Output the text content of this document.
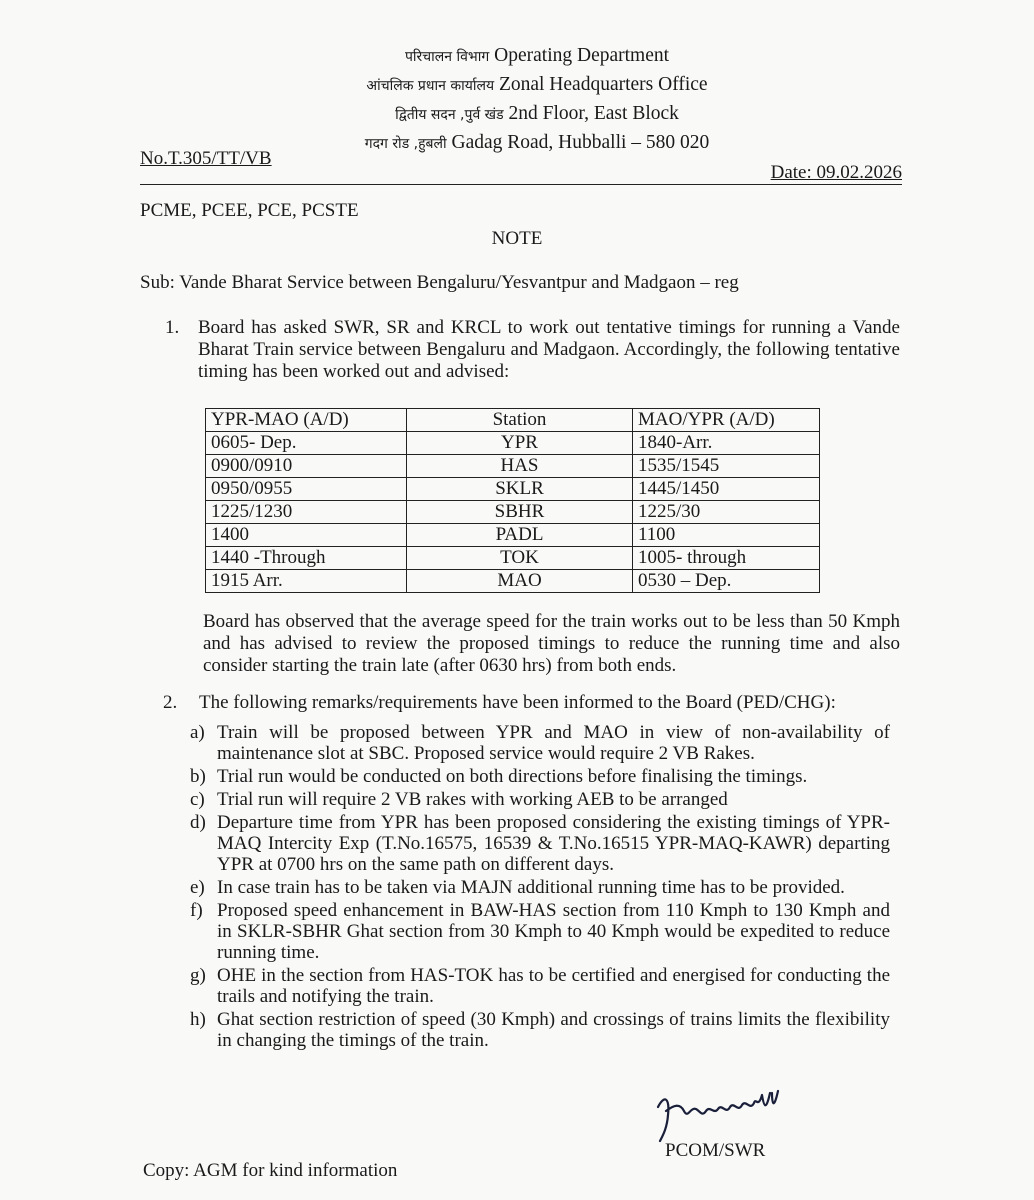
परिचालन विभाग Operating Department
आंचलिक प्रधान कार्यालय Zonal Headquarters Office
द्वितीय सदन ,पुर्व खंड 2nd Floor, East Block
गदग रोड ,हुबली Gadag Road, Hubballi – 580 020
No.T.305/TT/VB
Date: 09.02.2026
PCME, PCEE, PCE, PCSTE
NOTE
Sub: Vande Bharat Service between Bengaluru/Yesvantpur and Madgaon – reg
1. Board has asked SWR, SR and KRCL to work out tentative timings for running a Vande Bharat Train service between Bengaluru and Madgaon. Accordingly, the following tentative timing has been worked out and advised:
YPR-MAO (A/D)	Station	MAO/YPR (A/D)
0605- Dep.	YPR	1840-Arr.
0900/0910	HAS	1535/1545
0950/0955	SKLR	1445/1450
1225/1230	SBHR	1225/30
1400	PADL	1100
1440 -Through	TOK	1005- through
1915 Arr.	MAO	0530 – Dep.
Board has observed that the average speed for the train works out to be less than 50 Kmph and has advised to review the proposed timings to reduce the running time and also consider starting the train late (after 0630 hrs) from both ends.
2. The following remarks/requirements have been informed to the Board (PED/CHG):
a) Train will be proposed between YPR and MAO in view of non-availability of maintenance slot at SBC. Proposed service would require 2 VB Rakes.
b) Trial run would be conducted on both directions before finalising the timings.
c) Trial run will require 2 VB rakes with working AEB to be arranged
d) Departure time from YPR has been proposed considering the existing timings of YPR-MAQ Intercity Exp (T.No.16575, 16539 & T.No.16515 YPR-MAQ-KAWR) departing YPR at 0700 hrs on the same path on different days.
e) In case train has to be taken via MAJN additional running time has to be provided.
f) Proposed speed enhancement in BAW-HAS section from 110 Kmph to 130 Kmph and in SKLR-SBHR Ghat section from 30 Kmph to 40 Kmph would be expedited to reduce running time.
g) OHE in the section from HAS-TOK has to be certified and energised for conducting the trails and notifying the train.
h) Ghat section restriction of speed (30 Kmph) and crossings of trains limits the flexibility in changing the timings of the train.
PCOM/SWR
Copy: AGM for kind information
